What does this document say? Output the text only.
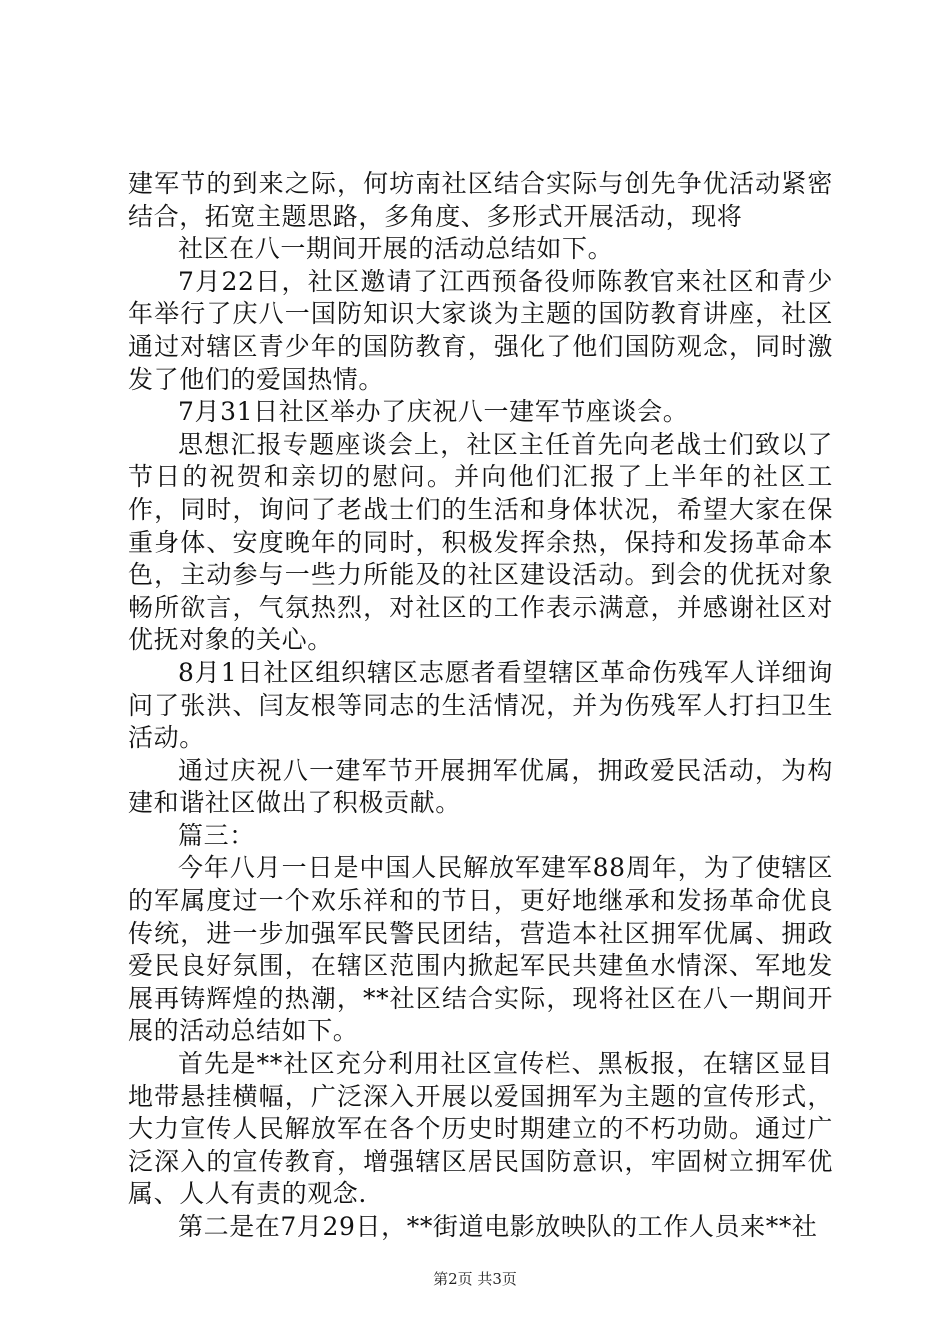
建军节的到来之际，何坊南社区结合实际与创先争优活动紧密结合，拓宽主题思路，多角度、多形式开展活动，现将

社区在八一期间开展的活动总结如下。

7月22日，社区邀请了江西预备役师陈教官来社区和青少年举行了庆八一国防知识大家谈为主题的国防教育讲座，社区通过对辖区青少年的国防教育，强化了他们国防观念，同时激发了他们的爱国热情。

7月31日社区举办了庆祝八一建军节座谈会。

思想汇报专题座谈会上，社区主任首先向老战士们致以了节日的祝贺和亲切的慰问。并向他们汇报了上半年的社区工作，同时，询问了老战士们的生活和身体状况，希望大家在保重身体、安度晚年的同时，积极发挥余热，保持和发扬革命本色，主动参与一些力所能及的社区建设活动。到会的优抚对象畅所欲言，气氛热烈，对社区的工作表示满意，并感谢社区对优抚对象的关心。

8月1日社区组织辖区志愿者看望辖区革命伤残军人详细询问了张洪、闫友根等同志的生活情况，并为伤残军人打扫卫生活动。

通过庆祝八一建军节开展拥军优属，拥政爱民活动，为构建和谐社区做出了积极贡献。

篇三：

今年八月一日是中国人民解放军建军88周年，为了使辖区的军属度过一个欢乐祥和的节日，更好地继承和发扬革命优良传统，进一步加强军民警民团结，营造本社区拥军优属、拥政爱民良好氛围，在辖区范围内掀起军民共建鱼水情深、军地发展再铸辉煌的热潮，**社区结合实际，现将社区在八一期间开展的活动总结如下。

首先是**社区充分利用社区宣传栏、黑板报，在辖区显目地带悬挂横幅，广泛深入开展以爱国拥军为主题的宣传形式，大力宣传人民解放军在各个历史时期建立的不朽功勋。通过广泛深入的宣传教育，增强辖区居民国防意识，牢固树立拥军优属、人人有责的观念.

第二是在7月29日，**街道电影放映队的工作人员来**社

第2页 共3页
